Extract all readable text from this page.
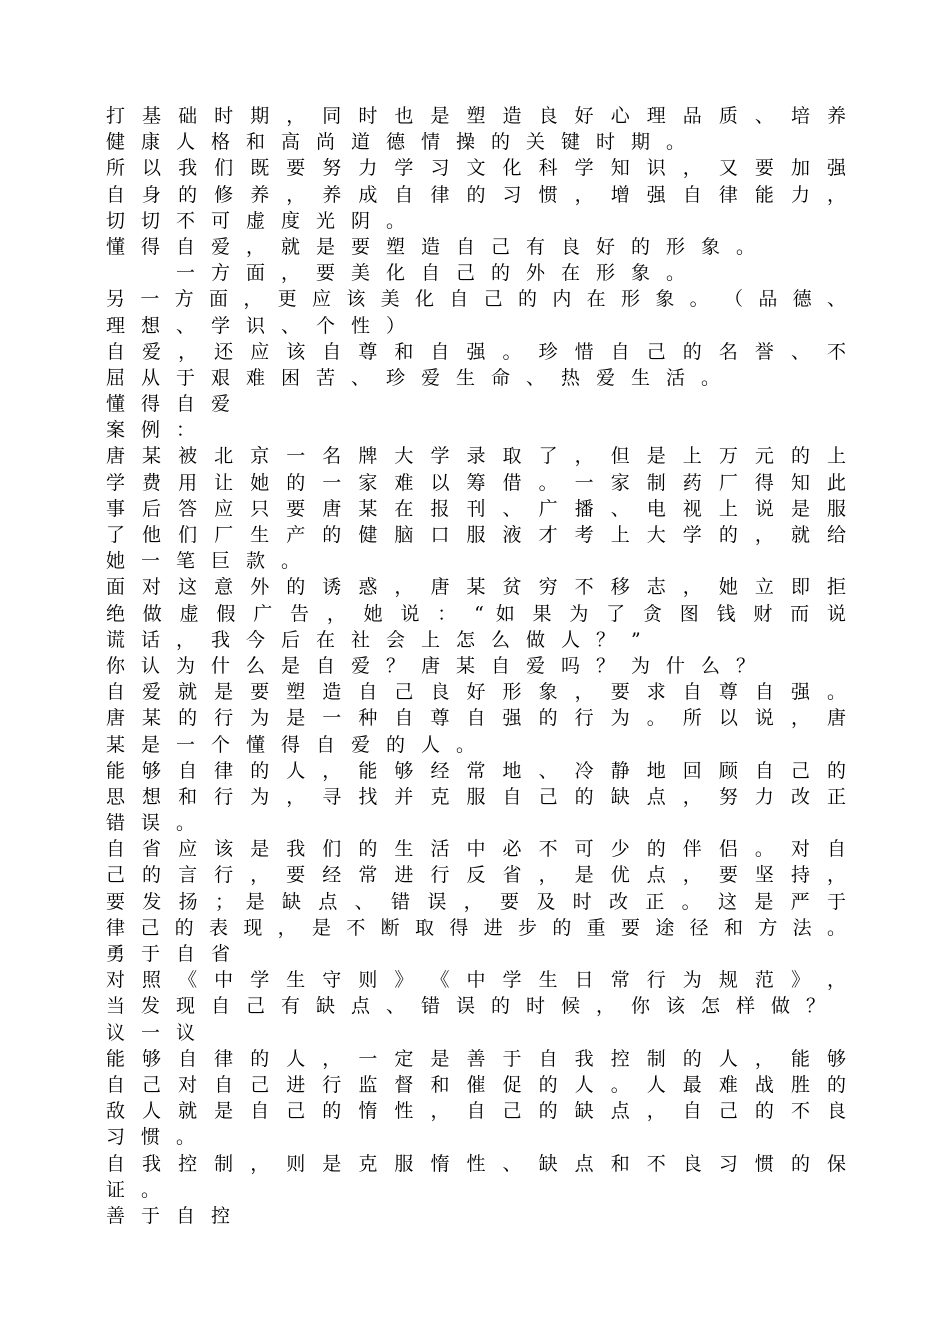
打 基 础 时 期 ， 同 时 也 是 塑 造 良 好 心 理 品 质 、 培 养
健康人格和高尚道德情操的关键时期。
所 以 我 们 既 要 努 力 学 习 文 化 科 学 知 识 ， 又 要 加 强
自 身 的 修 养 ， 养 成 自 律 的 习 惯 ， 增 强 自 律 能 力 ，
切切不可虚度光阴。
懂得自爱，就是要塑造自己有良好的形象。
一方面，要美化自己的外在形象。
另 一 方 面 ， 更 应 该 美 化 自 己 的 内 在 形 象 。 （ 品 德 、
理想、学识、个性）
自 爱 ， 还 应 该 自 尊 和 自 强 。 珍 惜 自 己 的 名 誉 、 不
屈从于艰难困苦、珍爱生命、热爱生活。
懂得自爱
案例：
唐 某 被 北 京 一 名 牌 大 学 录 取 了 ， 但 是 上 万 元 的 上
学 费 用 让 她 的 一 家 难 以 筹 借 。 一 家 制 药 厂 得 知 此
事 后 答 应 只 要 唐 某 在 报 刊 、 广 播 、 电 视 上 说 是 服
了 他 们 厂 生 产 的 健 脑 口 服 液 才 考 上 大 学 的 ， 就 给
她一笔巨款。
面 对 这 意 外 的 诱 惑 ， 唐 某 贫 穷 不 移 志 ， 她 立 即 拒
绝 做 虚 假 广 告 ， 她 说 ： “ 如 果 为 了 贪 图 钱 财 而 说
谎话，我今后在社会上怎么做人？”
你认为什么是自爱？唐某自爱吗？为什么？
自 爱 就 是 要 塑 造 自 己 良 好 形 象 ， 要 求 自 尊 自 强 。
唐 某 的 行 为 是 一 种 自 尊 自 强 的 行 为 。 所 以 说 ， 唐
某是一个懂得自爱的人。
能 够 自 律 的 人 ， 能 够 经 常 地 、 冷 静 地 回 顾 自 己 的
思 想 和 行 为 ， 寻 找 并 克 服 自 己 的 缺 点 ， 努 力 改 正
错误。
自 省 应 该 是 我 们 的 生 活 中 必 不 可 少 的 伴 侣 。 对 自
己 的 言 行 ， 要 经 常 进 行 反 省 ， 是 优 点 ， 要 坚 持 ，
要 发 扬 ； 是 缺 点 、 错 误 ， 要 及 时 改 正 。 这 是 严 于
律 己 的 表 现 ， 是 不 断 取 得 进 步 的 重 要 途 径 和 方 法 。
勇于自省
对 照 《 中 学 生 守 则 》 《 中 学 生 日 常 行 为 规 范 》 ，
当发现自己有缺点、错误的时候，你该怎样做？
议一议
能 够 自 律 的 人 ， 一 定 是 善 于 自 我 控 制 的 人 ， 能 够
自 己 对 自 己 进 行 监 督 和 催 促 的 人 。 人 最 难 战 胜 的
敌 人 就 是 自 己 的 惰 性 ， 自 己 的 缺 点 ， 自 己 的 不 良
习惯。
自 我 控 制 ， 则 是 克 服 惰 性 、 缺 点 和 不 良 习 惯 的 保
证。
善于自控
